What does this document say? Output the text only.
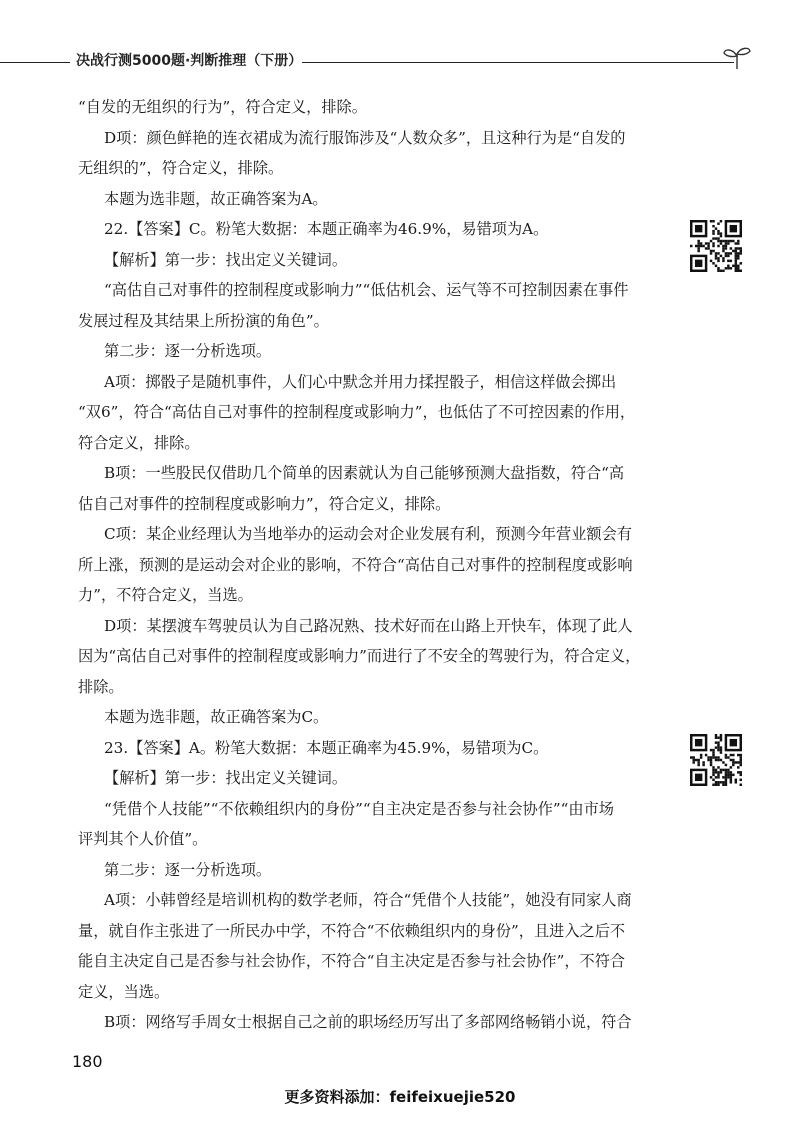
决战行测5000题·判断推理（下册）

“自发的无组织的行为”，符合定义，排除。

D项：颜色鲜艳的连衣裙成为流行服饰涉及“人数众多”，且这种行为是“自发的

无组织的”，符合定义，排除。

本题为选非题，故正确答案为A。

22.【答案】C。粉笔大数据：本题正确率为46.9%，易错项为A。

【解析】第一步：找出定义关键词。

“高估自己对事件的控制程度或影响力”“低估机会、运气等不可控制因素在事件

发展过程及其结果上所扮演的角色”。

第二步：逐一分析选项。

A项：掷骰子是随机事件，人们心中默念并用力揉捏骰子，相信这样做会掷出

“双6”，符合“高估自己对事件的控制程度或影响力”，也低估了不可控因素的作用，

符合定义，排除。

B项：一些股民仅借助几个简单的因素就认为自己能够预测大盘指数，符合“高

估自己对事件的控制程度或影响力”，符合定义，排除。

C项：某企业经理认为当地举办的运动会对企业发展有利，预测今年营业额会有

所上涨，预测的是运动会对企业的影响，不符合“高估自己对事件的控制程度或影响

力”，不符合定义，当选。

D项：某摆渡车驾驶员认为自己路况熟、技术好而在山路上开快车，体现了此人

因为“高估自己对事件的控制程度或影响力”而进行了不安全的驾驶行为，符合定义，

排除。

本题为选非题，故正确答案为C。

23.【答案】A。粉笔大数据：本题正确率为45.9%，易错项为C。

【解析】第一步：找出定义关键词。

“凭借个人技能”“不依赖组织内的身份”“自主决定是否参与社会协作”“由市场

评判其个人价值”。

第二步：逐一分析选项。

A项：小韩曾经是培训机构的数学老师，符合“凭借个人技能”，她没有同家人商

量，就自作主张进了一所民办中学，不符合“不依赖组织内的身份”，且进入之后不

能自主决定自己是否参与社会协作，不符合“自主决定是否参与社会协作”，不符合

定义，当选。

B项：网络写手周女士根据自己之前的职场经历写出了多部网络畅销小说，符合

180
更多资料添加：feifeixuejie520
